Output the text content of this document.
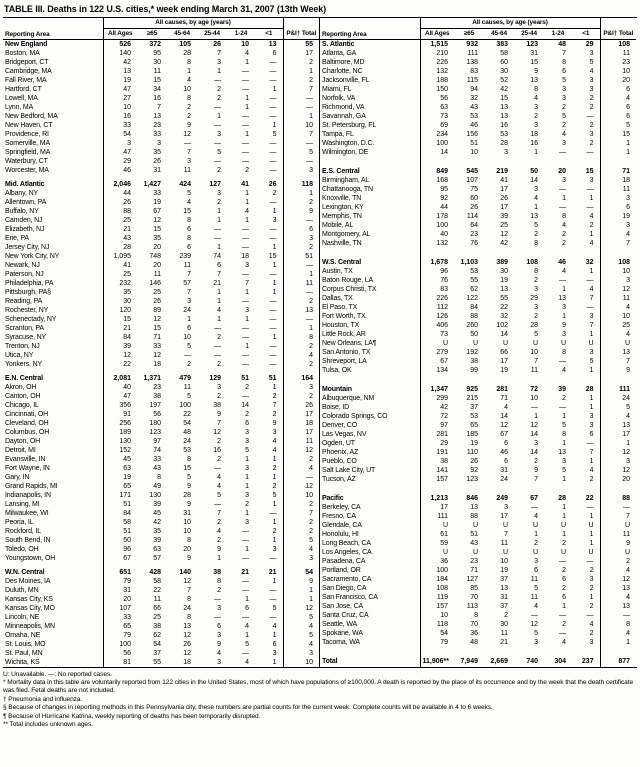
TABLE III. Deaths in 122 U.S. cities,* week ending March 31, 2007 (13th Week)
Reporting Area	All causes, by age (years)						P&I† Total
	All Ages	≥65	45-64	25-44	1-24	<1	
New England	526	372	105	26	10	13	55
Boston, MA	140	95	28	7	4	6	17
Bridgeport, CT	42	30	8	3	1	—	2
Cambridge, MA	13	11	1	1	—	—	1
Fall River, MA	19	15	4	—	—	—	2
Hartford, CT	47	34	10	2	—	1	7
Lowell, MA	27	16	8	2	1	—	—
Lynn, MA	10	7	2	—	1	—	—
New Bedford, MA	16	13	2	1	—	—	1
New Haven, CT	33	23	9	—	—	1	10
Providence, RI	54	33	12	3	1	5	7
Somerville, MA	3	3	—	—	—	—	—
Springfield, MA	47	35	7	5	—	—	5
Waterbury, CT	29	26	3	—	—	—	—
Worcester, MA	46	31	11	2	2	—	3
Mid. Atlantic	2,046	1,427	424	127	41	26	118
Albany, NY	44	33	5	3	1	2	1
Allentown, PA	26	19	4	2	1	—	2
Buffalo, NY	88	67	15	1	4	1	9
Camden, NJ	25	12	8	1	1	3	—
Elizabeth, NJ	21	15	6	—	—	—	6
Erie, PA	43	35	8	—	—	—	3
Jersey City, NJ	28	20	6	1	—	1	2
New York City, NY	1,095	748	239	74	18	15	51
Newark, NJ	41	20	11	6	3	1	—
Paterson, NJ	25	11	7	7	—	—	1
Philadelphia, PA	232	146	57	21	7	1	11
Pittsburgh, PA§	35	25	7	1	1	1	—
Reading, PA	30	26	3	1	—	—	2
Rochester, NY	120	89	24	4	3	—	13
Schenectady, NY	15	12	1	1	1	—	—
Scranton, PA	21	15	6	—	—	—	1
Syracuse, NY	84	71	10	2	—	1	8
Trenton, NJ	39	33	5	—	1	—	2
Utica, NY	12	12	—	—	—	—	4
Yonkers, NY	22	18	2	2	—	—	2
E.N. Central	2,081	1,371	479	129	51	51	164
Akron, OH	40	23	11	3	2	1	3
Canton, OH	47	38	5	2	—	2	2
Chicago, IL	356	197	100	38	14	7	26
Cincinnati, OH	91	56	22	9	2	2	17
Cleveland, OH	256	180	54	7	6	9	18
Columbus, OH	189	123	48	12	3	3	17
Dayton, OH	130	97	24	2	3	4	11
Detroit, MI	152	74	53	16	5	4	12
Evansville, IN	45	33	8	2	1	1	2
Fort Wayne, IN	63	43	15	—	3	2	4
Gary, IN	19	8	5	4	1	1	—
Grand Rapids, MI	65	49	9	4	1	2	12
Indianapolis, IN	171	130	28	5	3	5	10
Lansing, MI	51	39	9	—	2	1	2
Milwaukee, WI	84	45	31	7	1	—	7
Peoria, IL	58	42	10	2	3	1	2
Rockford, IL	51	35	10	4	—	2	2
South Bend, IN	50	39	8	2	—	1	5
Toledo, OH	96	63	20	9	1	3	4
Youngstown, OH	67	57	9	1	—	—	3
W.N. Central	651	428	140	38	21	21	54
Des Moines, IA	79	58	12	8	—	1	9
Duluth, MN	31	22	7	2	—	—	1
Kansas City, KS	20	11	8	—	1	—	1
Kansas City, MO	107	66	24	3	6	5	12
Lincoln, NE	33	25	8	—	—	—	5
Minneapolis, MN	65	38	13	6	4	4	4
Omaha, NE	79	62	12	3	1	1	5
St. Louis, MO	100	54	26	9	5	6	4
St. Paul, MN	56	37	12	4	—	3	3
Wichita, KS	81	55	18	3	4	1	10
Reporting Area	All causes, by age (years)						P&I† Total
	All Ages	≥65	45-64	25-44	1-24	<1	
S. Atlantic	1,515	932	383	123	48	29	108
Atlanta, GA	210	111	58	31	7	3	11
Baltimore, MD	226	138	60	15	8	5	23
Charlotte, NC	132	83	30	9	6	4	10
Jacksonville, FL	188	115	52	13	5	3	20
Miami, FL	150	94	42	8	3	3	6
Norfolk, VA	56	32	15	4	3	2	4
Richmond, VA	63	43	13	3	2	2	6
Savannah, GA	73	53	13	2	5	—	6
St. Petersburg, FL	69	46	16	3	2	2	5
Tampa, FL	234	156	53	18	4	3	15
Washington, D.C.	100	51	28	16	3	2	1
Wilmington, DE	14	10	3	1	—	—	1
E.S. Central	849	545	219	50	20	15	71
Birmingham, AL	168	107	41	14	3	3	18
Chattanooga, TN	95	75	17	3	—	—	11
Knoxville, TN	92	60	26	4	1	1	3
Lexington, KY	44	26	17	1	—	—	6
Memphis, TN	178	114	39	13	8	4	19
Mobile, AL	100	64	25	5	4	2	3
Montgomery, AL	40	23	12	2	2	1	4
Nashville, TN	132	76	42	8	2	4	7
W.S. Central	1,678	1,103	389	108	46	32	108
Austin, TX	96	53	30	8	4	1	10
Baton Rouge, LA	76	55	19	2	—	—	3
Corpus Christi, TX	83	62	13	3	1	4	12
Dallas, TX	226	122	55	29	13	7	11
El Paso, TX	112	84	22	3	3	—	4
Fort Worth, TX	126	88	32	2	1	3	10
Houston, TX	406	260	102	28	9	7	25
Little Rock, AR	73	50	14	5	3	1	4
New Orleans, LA¶	U	U	U	U	U	U	U
San Antonio, TX	279	192	66	10	8	3	13
Shreveport, LA	67	38	17	7	—	5	7
Tulsa, OK	134	99	19	11	4	1	9
Mountain	1,347	925	281	72	39	28	111
Albuquerque, NM	299	215	71	10	2	1	24
Boise, ID	42	37	4	—	—	1	5
Colorado Springs, CO	72	53	14	1	1	3	4
Denver, CO	97	65	12	12	5	3	13
Las Vegas, NV	281	185	67	14	8	6	17
Ogden, UT	29	19	6	3	1	—	1
Phoenix, AZ	191	110	46	14	13	7	12
Pueblo, CO	38	26	6	2	3	1	3
Salt Lake City, UT	141	92	31	9	5	4	12
Tucson, AZ	157	123	24	7	1	2	20
Pacific	1,213	846	249	67	28	22	88
Berkeley, CA	17	13	3	—	1	—	—
Fresno, CA	111	88	17	4	1	1	7
Glendale, CA	U	U	U	U	U	U	U
Honolulu, HI	61	51	7	1	1	1	11
Long Beach, CA	59	43	11	2	2	1	9
Los Angeles, CA	U	U	U	U	U	U	U
Pasadena, CA	36	23	10	3	—	—	2
Portland, OR	100	71	19	6	2	2	4
Sacramento, CA	184	127	37	11	6	3	12
San Diego, CA	108	85	13	5	2	2	13
San Francisco, CA	119	70	31	11	6	1	4
San Jose, CA	157	113	37	4	1	2	13
Santa Cruz, CA	10	8	2	—	—	—	—
Seattle, WA	118	70	30	12	2	4	8
Spokane, WA	54	36	11	5	—	2	4
Tacoma, WA	79	48	21	3	4	3	1
Total	11,906**	7,949	2,669	740	304	237	877
U: Unavailable. —: No reported cases.
* Mortality data in this table are voluntarily reported from 122 cities in the United States, most of which have populations of ≥100,000. A death is reported by the place of its occurrence and by the week that the death certificate was filed. Fetal deaths are not included.
† Pneumonia and influenza.
§ Because of changes in reporting methods in this Pennsylvania city, these numbers are partial counts for the current week. Complete counts will be available in 4 to 6 weeks.
¶ Because of Hurricane Katrina, weekly reporting of deaths has been temporarily disrupted.
** Total includes unknown ages.
